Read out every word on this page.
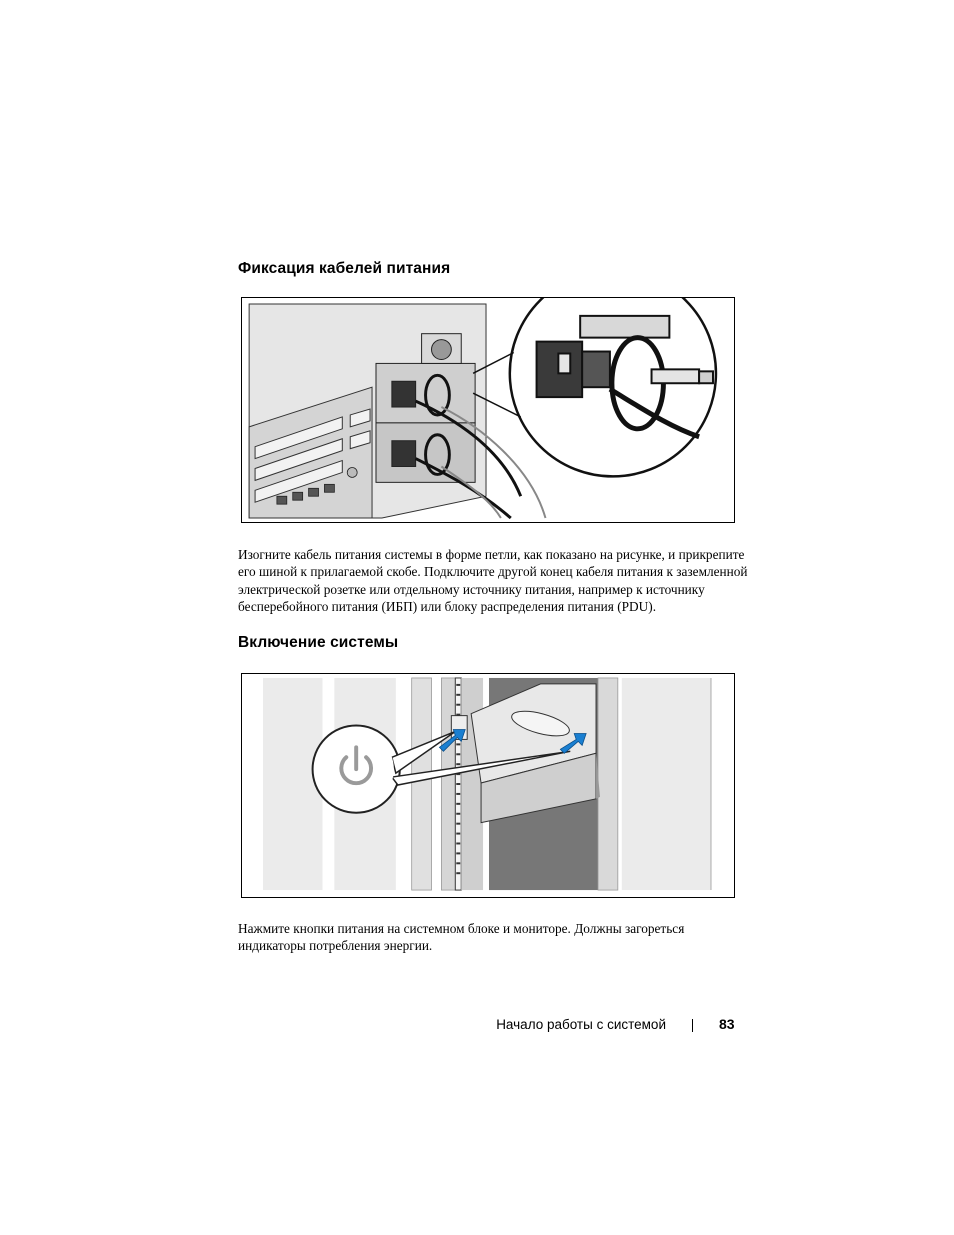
Фиксация кабелей питания

Изогните кабель питания системы в форме петли, как показано на рисунке, и прикрепите
его шиной к прилагаемой скобе. Подключите другой конец кабеля питания к заземленной
электрической розетке или отдельному источнику питания, например к источнику
бесперебойного питания (ИБП) или блоку распределения питания (PDU).

Включение системы

Нажмите кнопки питания на системном блоке и мониторе. Должны загореться
индикаторы потребления энергии.

Начало работы с системой	83
